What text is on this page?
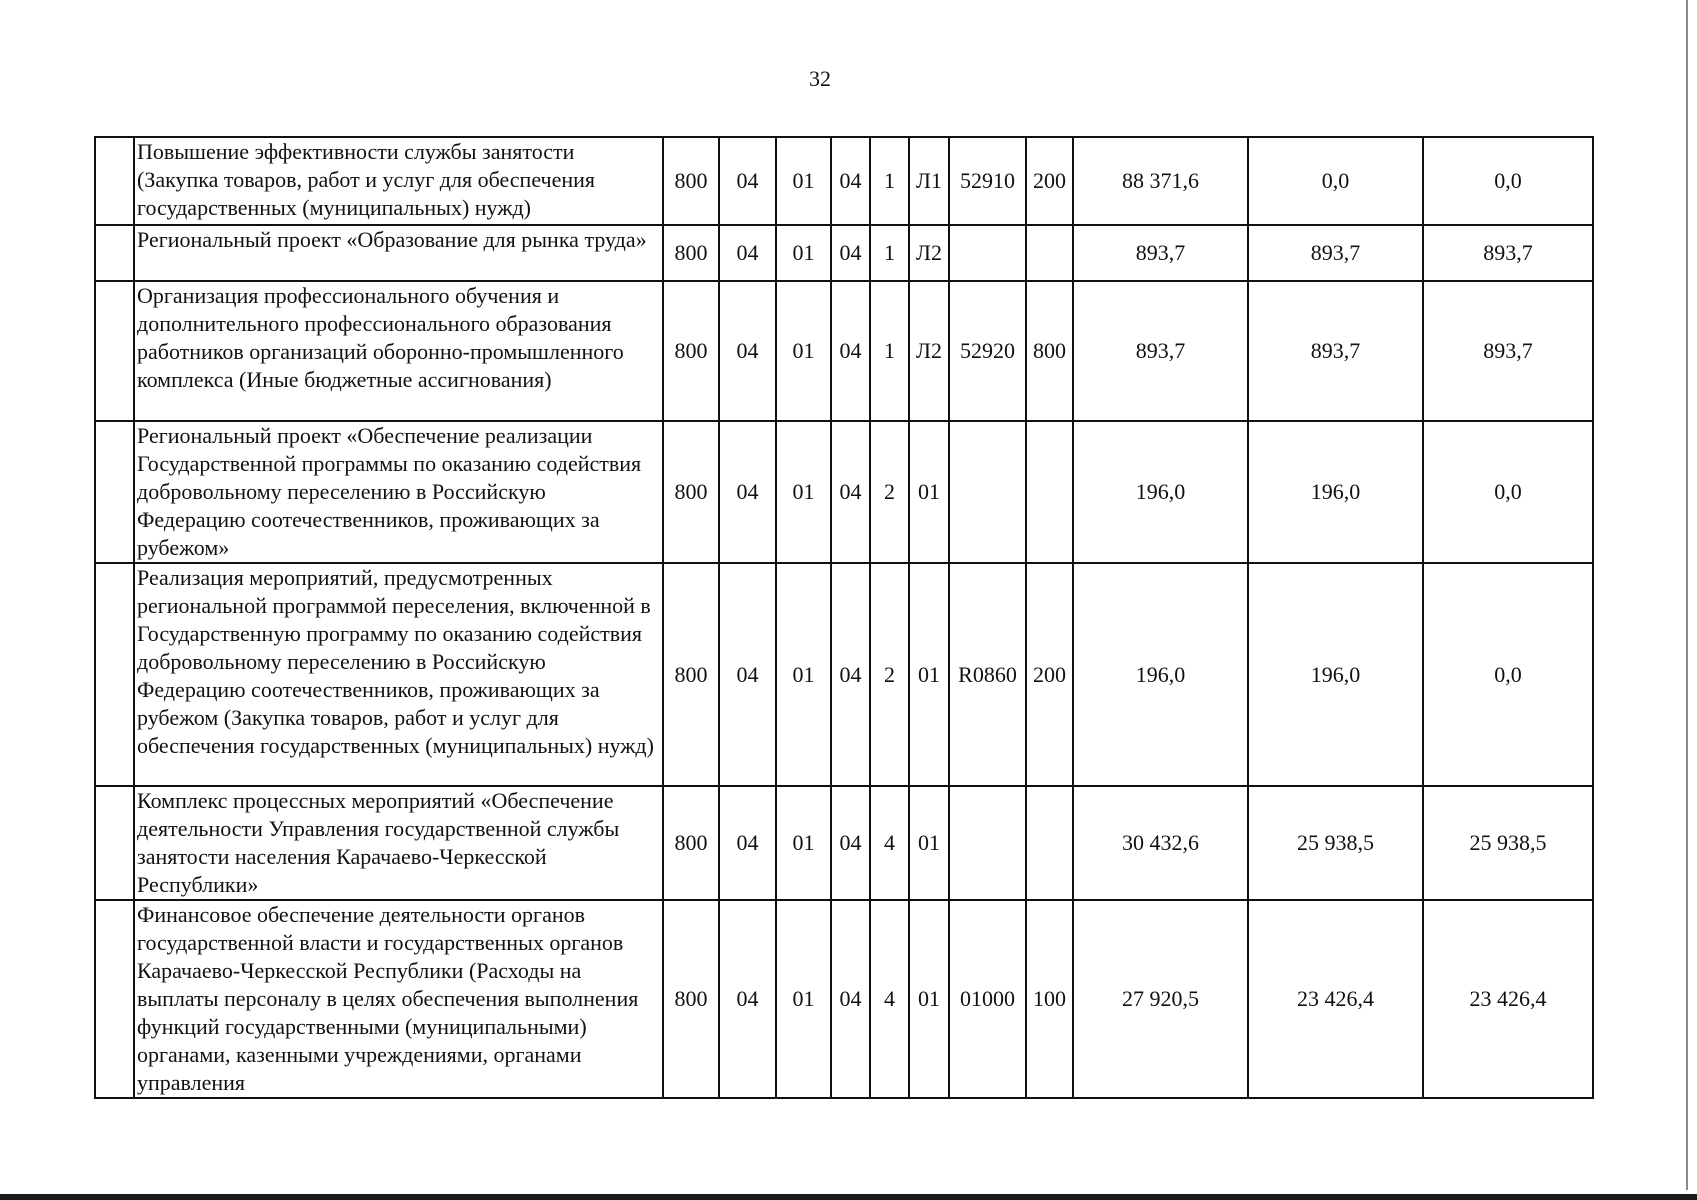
32
	Повышение эффективности службы занятости (Закупка товаров, работ и услуг для обеспечения государственных (муниципальных) нужд)	800	04	01	04	1	Л1	52910	200	88 371,6	0,0	0,0
	Региональный проект «Образование для рынка труда»	800	04	01	04	1	Л2			893,7	893,7	893,7
	Организация профессионального обучения и дополнительного профессионального образования работников организаций оборонно-промышленного комплекса (Иные бюджетные ассигнования)	800	04	01	04	1	Л2	52920	800	893,7	893,7	893,7
	Региональный проект «Обеспечение реализации Государственной программы по оказанию содействия добровольному переселению в Российскую Федерацию соотечественников, проживающих за рубежом»	800	04	01	04	2	01			196,0	196,0	0,0
	Реализация мероприятий, предусмотренных региональной программой переселения, включенной в Государственную программу по оказанию содействия добровольному переселению в Российскую Федерацию соотечественников, проживающих за рубежом (Закупка товаров, работ и услуг для обеспечения государственных (муниципальных) нужд)	800	04	01	04	2	01	R0860	200	196,0	196,0	0,0
	Комплекс процессных мероприятий «Обеспечение деятельности Управления государственной службы занятости населения Карачаево-Черкесской Республики»	800	04	01	04	4	01			30 432,6	25 938,5	25 938,5
	Финансовое обеспечение деятельности органов государственной власти и государственных органов Карачаево-Черкесской Республики (Расходы на выплаты персоналу в целях обеспечения выполнения функций государственными (муниципальными) органами, казенными учреждениями, органами управления	800	04	01	04	4	01	01000	100	27 920,5	23 426,4	23 426,4
